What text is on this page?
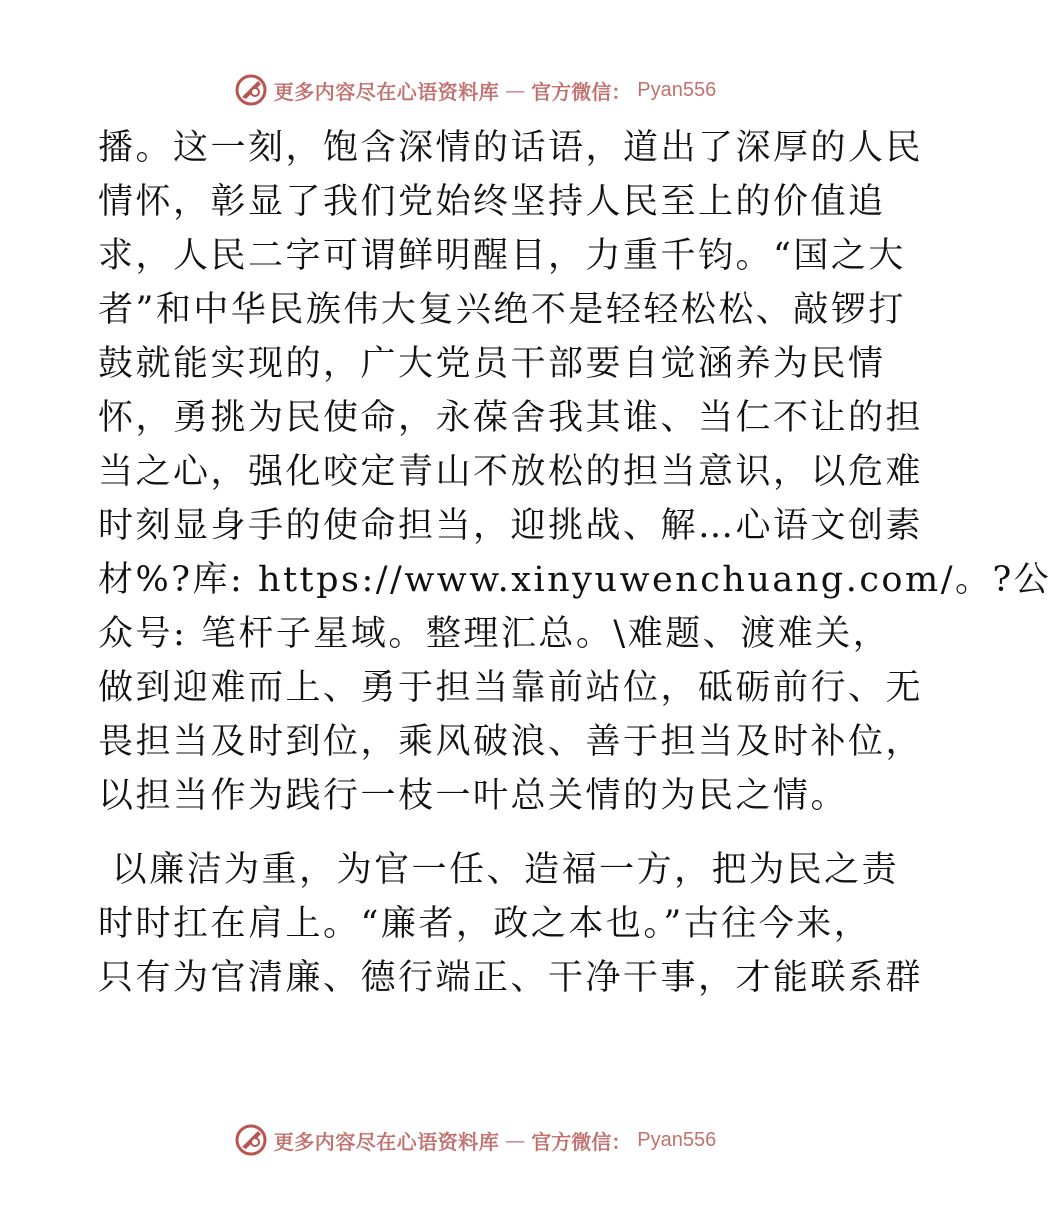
更多内容尽在心语资料库 — 官方微信： Pyan556
播。这一刻，饱含深情的话语，道出了深厚的人民
情怀，彰显了我们党始终坚持人民至上的价值追
求，人民二字可谓鲜明醒目，力重千钧。“国之大
者”和中华民族伟大复兴绝不是轻轻松松、敲锣打
鼓就能实现的，广大党员干部要自觉涵养为民情
怀，勇挑为民使命，永葆舍我其谁、当仁不让的担
当之心，强化咬定青山不放松的担当意识，以危难
时刻显身手的使命担当，迎挑战、解…心语文创素
材%?库: https://www.xinyuwenchuang.com/。?公
众号: 笔杆子星域。整理汇总。\难题、渡难关，
做到迎难而上、勇于担当靠前站位，砥砺前行、无
畏担当及时到位，乘风破浪、善于担当及时补位，
以担当作为践行一枝一叶总关情的为民之情。
以廉洁为重，为官一任、造福一方，把为民之责
时时扛在肩上。“廉者，政之本也。”古往今来，
只有为官清廉、德行端正、干净干事，才能联系群
更多内容尽在心语资料库 — 官方微信： Pyan556
